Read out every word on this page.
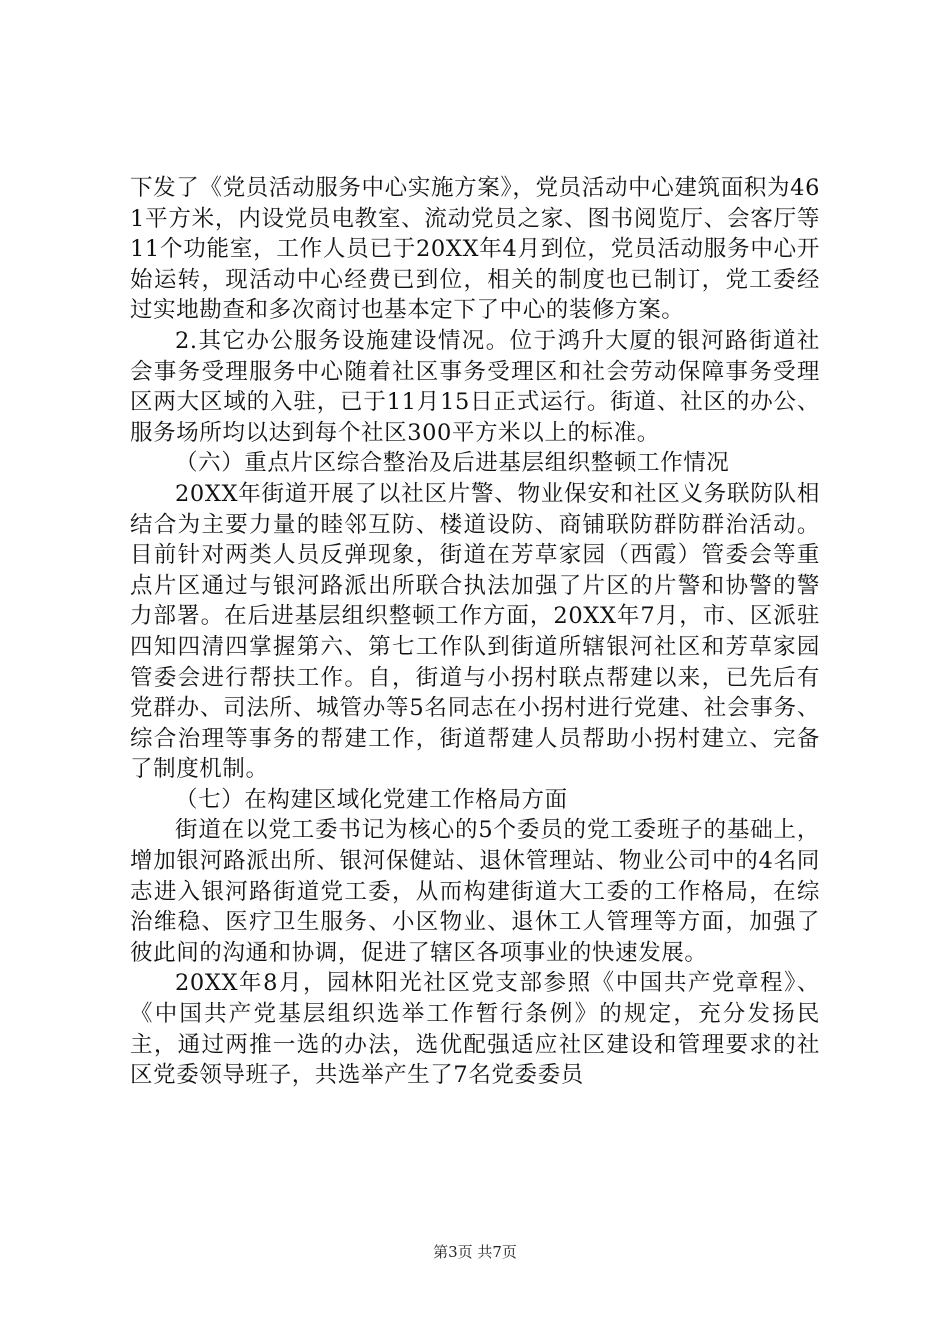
下发了《党员活动服务中心实施方案》，党员活动中心建筑面积为461平方米，内设党员电教室、流动党员之家、图书阅览厅、会客厅等11个功能室，工作人员已于20XX年4月到位，党员活动服务中心开始运转，现活动中心经费已到位，相关的制度也已制订，党工委经过实地勘查和多次商讨也基本定下了中心的装修方案。

2.其它办公服务设施建设情况。位于鸿升大厦的银河路街道社会事务受理服务中心随着社区事务受理区和社会劳动保障事务受理区两大区域的入驻，已于11月15日正式运行。街道、社区的办公、服务场所均以达到每个社区300平方米以上的标准。

（六）重点片区综合整治及后进基层组织整顿工作情况

20XX年街道开展了以社区片警、物业保安和社区义务联防队相结合为主要力量的睦邻互防、楼道设防、商铺联防群防群治活动。目前针对两类人员反弹现象，街道在芳草家园（西霞）管委会等重点片区通过与银河路派出所联合执法加强了片区的片警和协警的警力部署。在后进基层组织整顿工作方面，20XX年7月，市、区派驻四知四清四掌握第六、第七工作队到街道所辖银河社区和芳草家园管委会进行帮扶工作。自，街道与小拐村联点帮建以来，已先后有党群办、司法所、城管办等5名同志在小拐村进行党建、社会事务、综合治理等事务的帮建工作，街道帮建人员帮助小拐村建立、完备了制度机制。

（七）在构建区域化党建工作格局方面

街道在以党工委书记为核心的5个委员的党工委班子的基础上，增加银河路派出所、银河保健站、退休管理站、物业公司中的4名同志进入银河路街道党工委，从而构建街道大工委的工作格局，在综治维稳、医疗卫生服务、小区物业、退休工人管理等方面，加强了彼此间的沟通和协调，促进了辖区各项事业的快速发展。

20XX年8月，园林阳光社区党支部参照《中国共产党章程》、《中国共产党基层组织选举工作暂行条例》的规定，充分发扬民主，通过两推一选的办法，选优配强适应社区建设和管理要求的社区党委领导班子，共选举产生了7名党委委员

第3页 共7页
